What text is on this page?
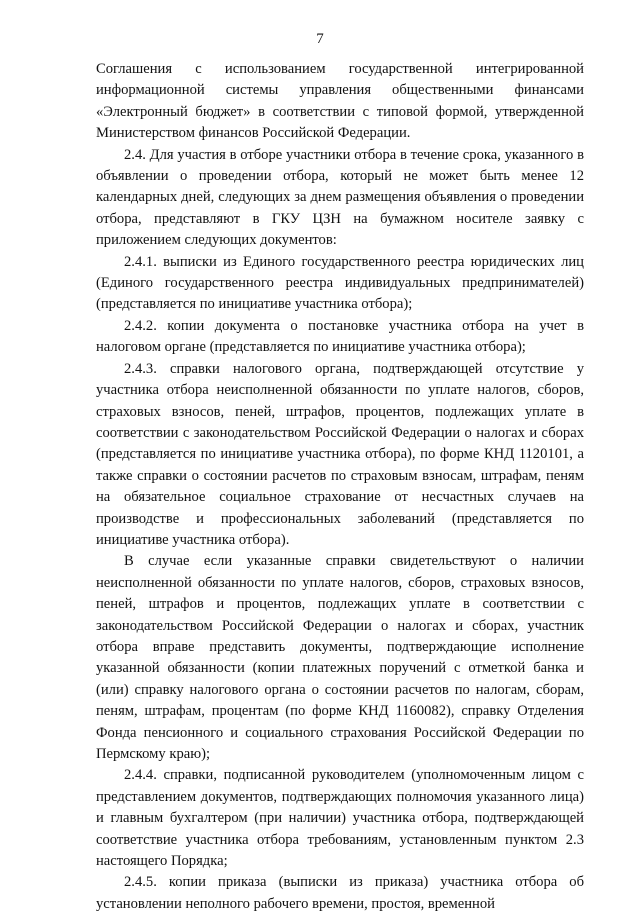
7

Соглашения с использованием государственной интегрированной информационной системы управления общественными финансами «Электронный бюджет» в соответствии с типовой формой, утвержденной Министерством финансов Российской Федерации.

2.4. Для участия в отборе участники отбора в течение срока, указанного в объявлении о проведении отбора, который не может быть менее 12 календарных дней, следующих за днем размещения объявления о проведении отбора, представляют в ГКУ ЦЗН на бумажном носителе заявку с приложением следующих документов:

2.4.1. выписки из Единого государственного реестра юридических лиц (Единого государственного реестра индивидуальных предпринимателей) (представляется по инициативе участника отбора);

2.4.2. копии документа о постановке участника отбора на учет в налоговом органе (представляется по инициативе участника отбора);

2.4.3. справки налогового органа, подтверждающей отсутствие у участника отбора неисполненной обязанности по уплате налогов, сборов, страховых взносов, пеней, штрафов, процентов, подлежащих уплате в соответствии с законодательством Российской Федерации о налогах и сборах (представляется по инициативе участника отбора), по форме КНД 1120101, а также справки о состоянии расчетов по страховым взносам, штрафам, пеням на обязательное социальное страхование от несчастных случаев на производстве и профессиональных заболеваний (представляется по инициативе участника отбора).

В случае если указанные справки свидетельствуют о наличии неисполненной обязанности по уплате налогов, сборов, страховых взносов, пеней, штрафов и процентов, подлежащих уплате в соответствии с законодательством Российской Федерации о налогах и сборах, участник отбора вправе представить документы, подтверждающие исполнение указанной обязанности (копии платежных поручений с отметкой банка и (или) справку налогового органа о состоянии расчетов по налогам, сборам, пеням, штрафам, процентам (по форме КНД 1160082), справку Отделения Фонда пенсионного и социального страхования Российской Федерации по Пермскому краю);

2.4.4. справки, подписанной руководителем (уполномоченным лицом с представлением документов, подтверждающих полномочия указанного лица) и главным бухгалтером (при наличии) участника отбора, подтверждающей соответствие участника отбора требованиям, установленным пунктом 2.3 настоящего Порядка;

2.4.5. копии приказа (выписки из приказа) участника отбора об установлении неполного рабочего времени, простоя, временной
